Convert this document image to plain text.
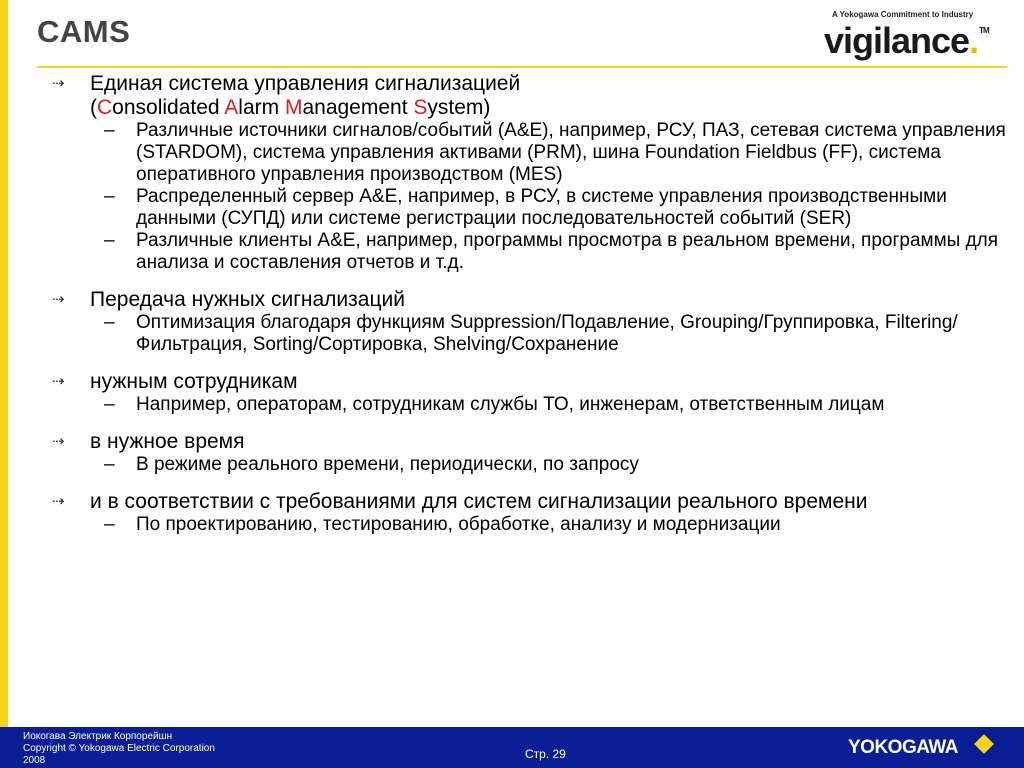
CAMS	A Yokogawa Commitment to Industry
vigilance.™
⇢ Единая система управления сигнализацией
(Consolidated Alarm Management System)
– Различные источники сигналов/событий (А&Е), например, РСУ, ПАЗ, сетевая система управления (STARDOM), система управления активами (PRM), шина Foundation Fieldbus (FF), система оперативного управления производством (MES)
– Распределенный сервер А&Е, например, в РСУ, в системе управления производственными данными (СУПД) или системе регистрации последовательностей событий (SER)
– Различные клиенты А&Е, например, программы просмотра в реальном времени, программы для анализа и составления отчетов и т.д.
⇢ Передача нужных сигнализаций
– Оптимизация благодаря функциям Suppression/Подавление, Grouping/Группировка, Filtering/Фильтрация, Sorting/Сортировка, Shelving/Сохранение
⇢ нужным сотрудникам
– Например, операторам, сотрудникам службы ТО, инженерам, ответственным лицам
⇢ в нужное время
– В режиме реального времени, периодически, по запросу
⇢ и в соответствии с требованиями для систем сигнализации реального времени
– По проектированию, тестированию, обработке, анализу и модернизации
Иокогава Электрик Корпорейшн
Copyright © Yokogawa Electric Corporation
2008	Стр. 29	YOKOGAWA
